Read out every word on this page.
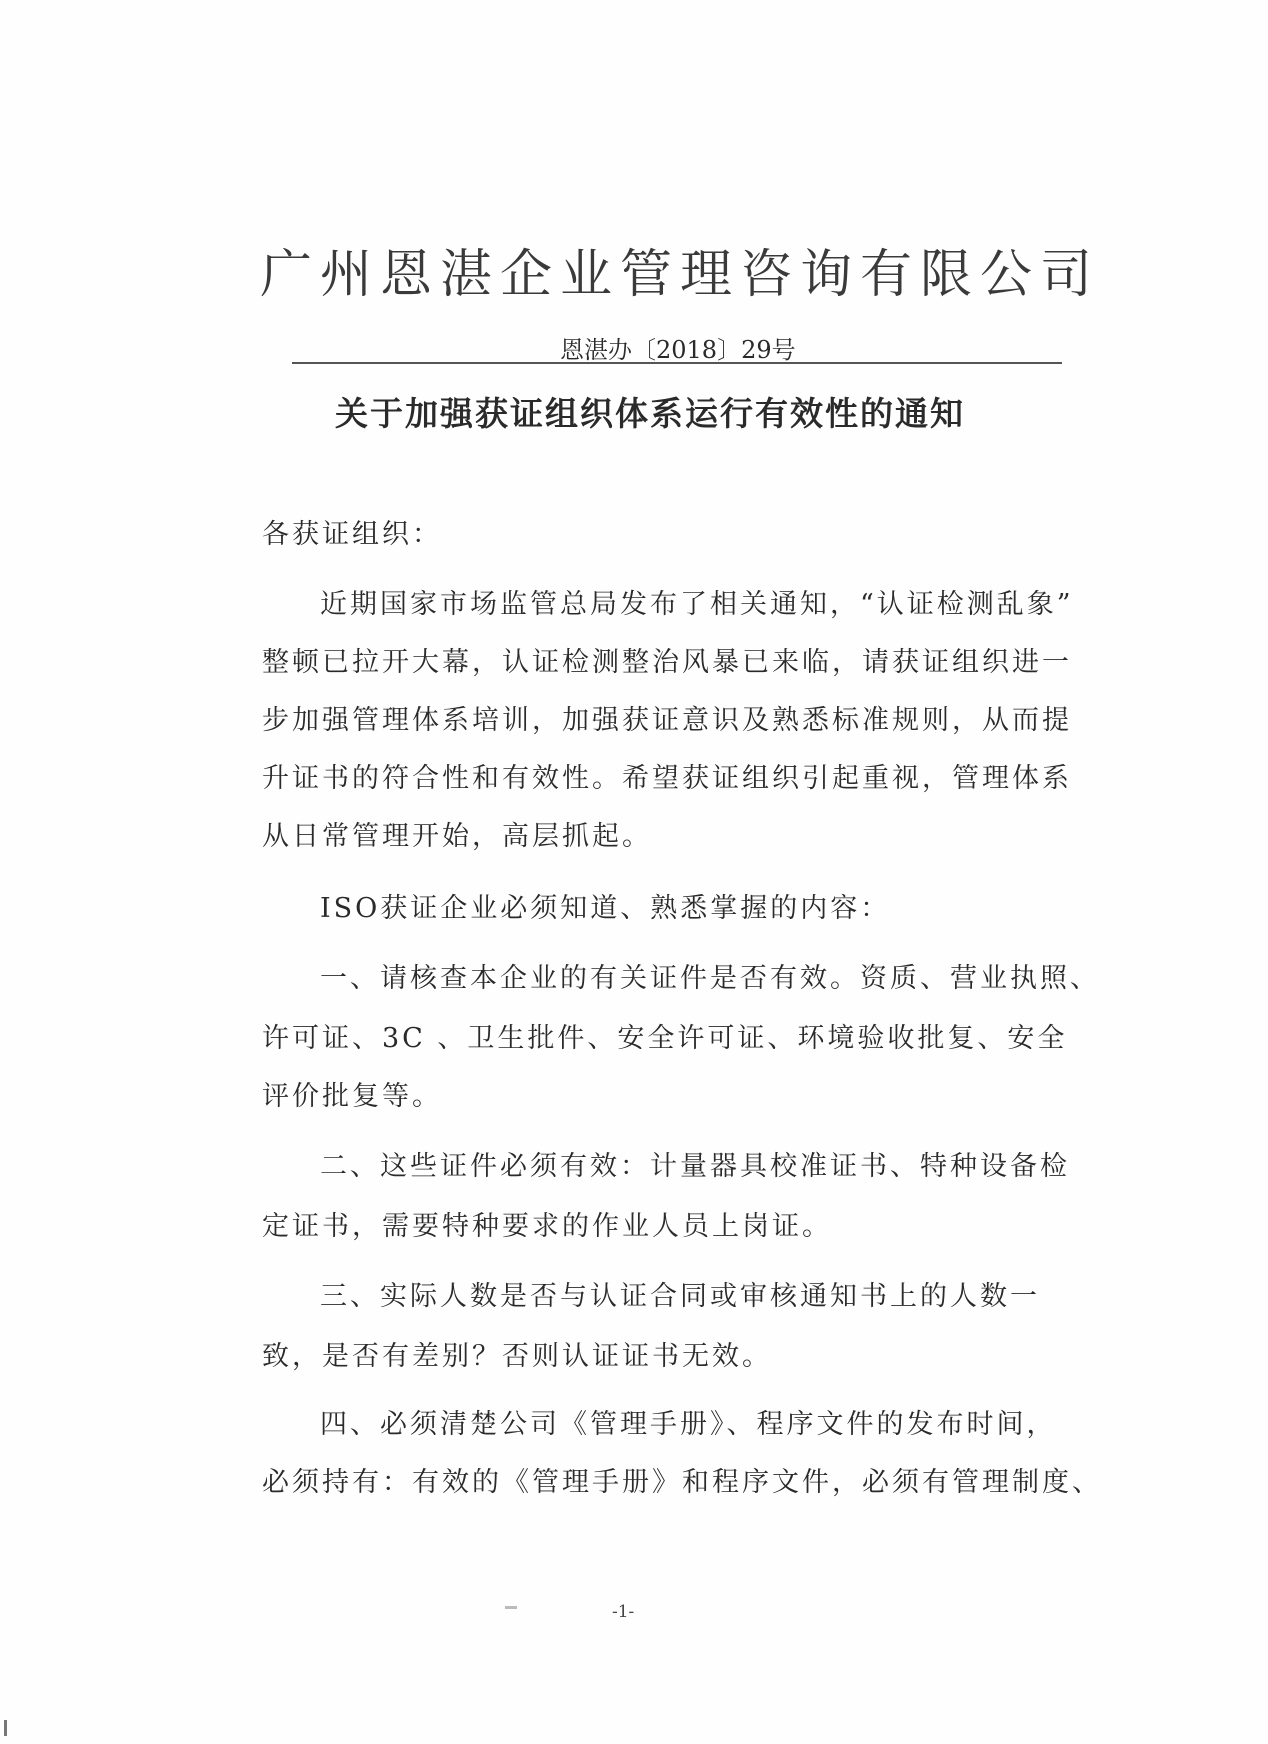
广州恩湛企业管理咨询有限公司
恩湛办〔2018〕29号
关于加强获证组织体系运行有效性的通知
各获证组织：
近期国家市场监管总局发布了相关通知，“认证检测乱象”
整顿已拉开大幕，认证检测整治风暴已来临，请获证组织进一
步加强管理体系培训，加强获证意识及熟悉标准规则，从而提
升证书的符合性和有效性。希望获证组织引起重视，管理体系
从日常管理开始，高层抓起。
ISO获证企业必须知道、熟悉掌握的内容：
一、请核查本企业的有关证件是否有效。资质、营业执照、
许可证、3C 、卫生批件、安全许可证、环境验收批复、安全
评价批复等。
二、这些证件必须有效：计量器具校准证书、特种设备检
定证书，需要特种要求的作业人员上岗证。
三、实际人数是否与认证合同或审核通知书上的人数一
致，是否有差别？否则认证证书无效。
四、必须清楚公司《管理手册》、程序文件的发布时间，
必须持有：有效的《管理手册》和程序文件，必须有管理制度、
-1-
